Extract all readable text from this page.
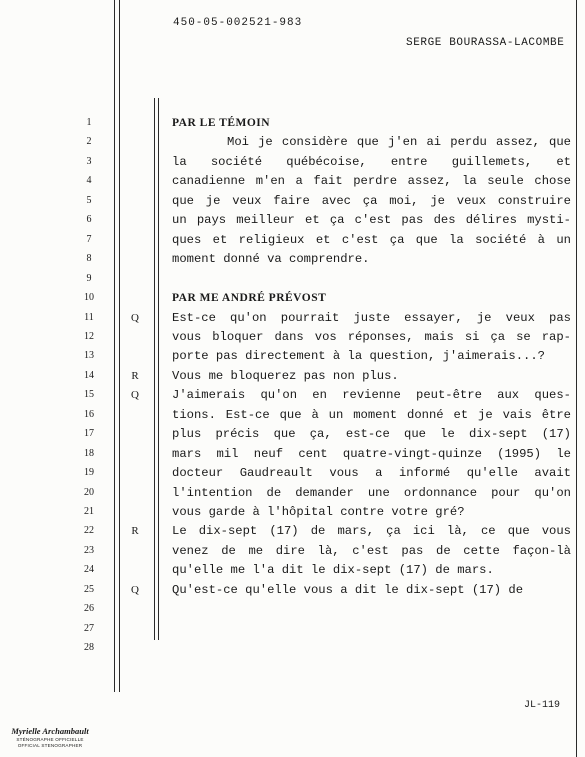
450-05-002521-983
SERGE BOURASSA-LACOMBE
1
2
3
4
5
6
7
8
9
10
11
12
13
14
15
16
17
18
19
20
21
22
23
24
25
26
27
28
Q
R
Q
R
Q
PAR LE TÉMOIN
Moi je considère que j'en ai perdu assez, que
la société québécoise, entre guillemets, et
canadienne m'en a fait perdre assez, la seule chose
que je veux faire avec ça moi, je veux construire
un pays meilleur et ça c'est pas des délires mysti-
ques et religieux et c'est ça que la société à un
moment donné va comprendre.
PAR ME ANDRÉ PRÉVOST
Est-ce qu'on pourrait juste essayer, je veux pas
vous bloquer dans vos réponses, mais si ça se rap-
porte pas directement à la question, j'aimerais...?
Vous me bloquerez pas non plus.
J'aimerais qu'on en revienne peut-être aux ques-
tions. Est-ce que à un moment donné et je vais être
plus précis que ça, est-ce que le dix-sept (17)
mars mil neuf cent quatre-vingt-quinze (1995) le
docteur Gaudreault vous a informé qu'elle avait
l'intention de demander une ordonnance pour qu'on
vous garde à l'hôpital contre votre gré?
Le dix-sept (17) de mars, ça ici là, ce que vous
venez de me dire là, c'est pas de cette façon-là
qu'elle me l'a dit le dix-sept (17) de mars.
Qu'est-ce qu'elle vous a dit le dix-sept (17) de
JL-119
Myrielle Archambault
STÉNOGRAPHE OFFICIELLE
OFFICIAL STENOGRAPHER
